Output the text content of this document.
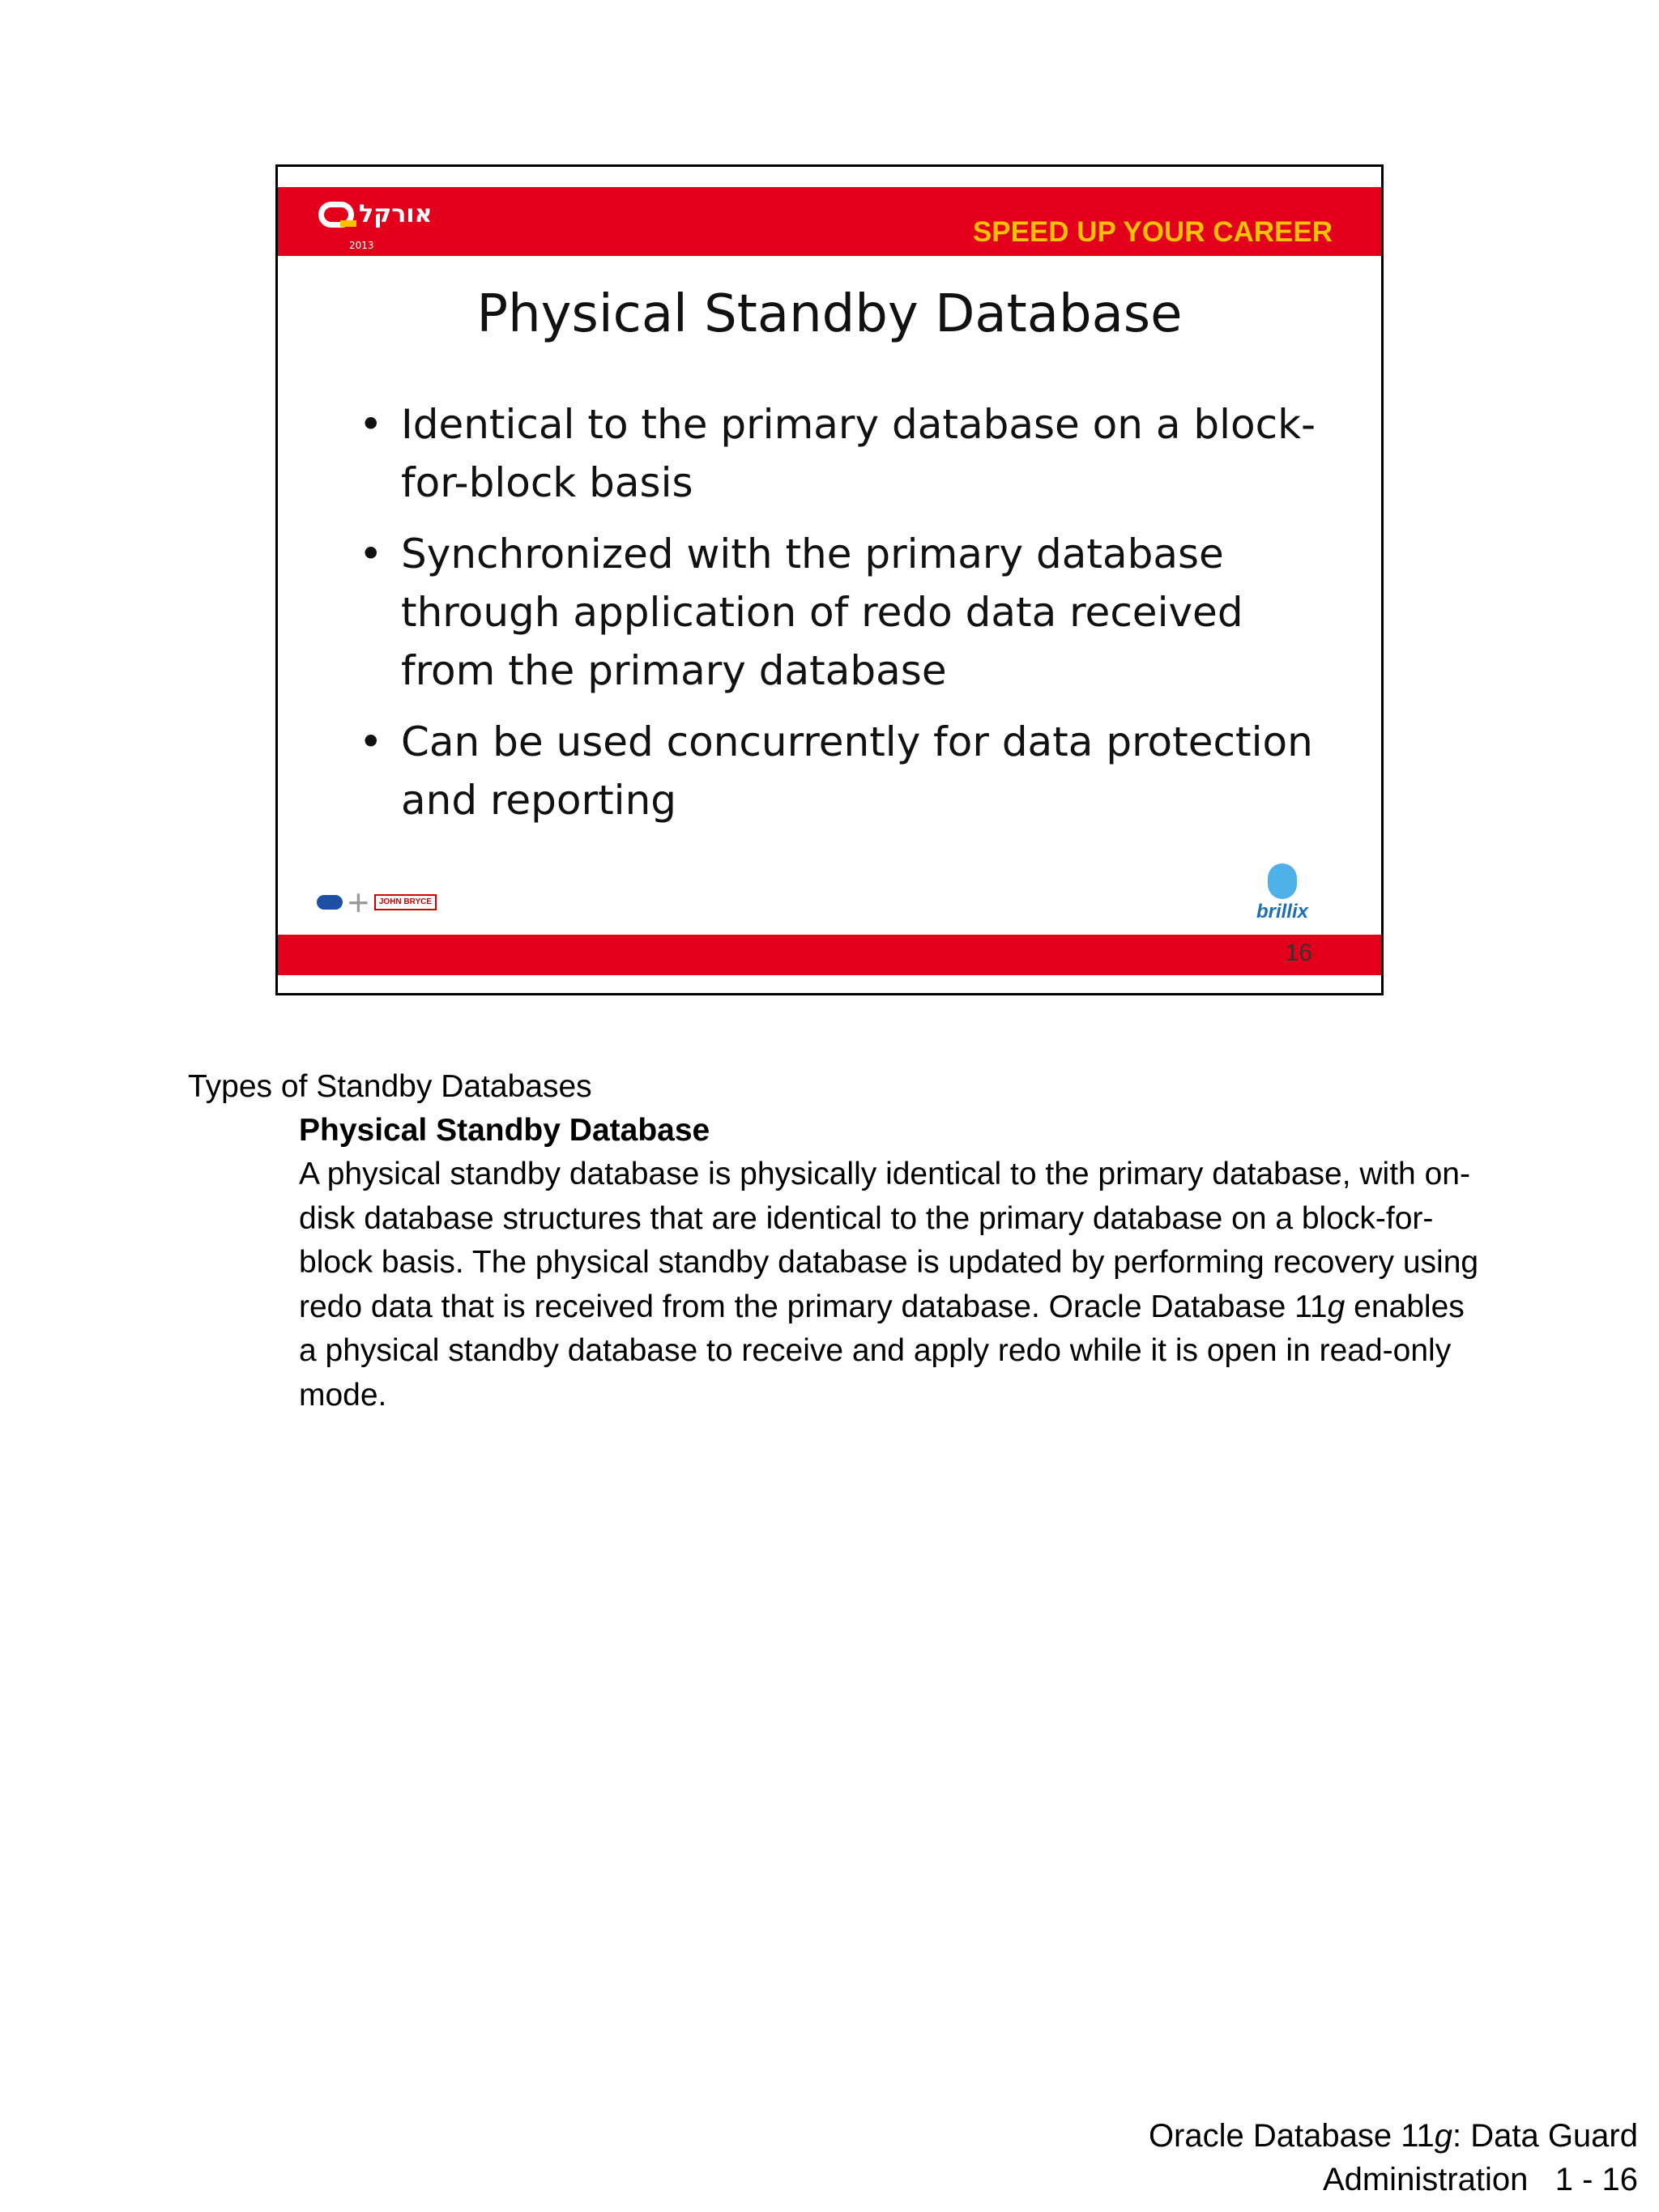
אורקל
2013	SPEED UP YOUR CAREER
Physical Standby Database
• Identical to the primary database on a block-for-block basis
• Synchronized with the primary database through application of redo data received from the primary database
• Can be used concurrently for data protection and reporting
+	JOHN BRYCE	brillix
ORACLE
16

Types of Standby Databases

Physical Standby Database

A physical standby database is physically identical to the primary database, with on-disk database structures that are identical to the primary database on a block-for-block basis. The physical standby database is updated by performing recovery using redo data that is received from the primary database. Oracle Database 11g enables a physical standby database to receive and apply redo while it is open in read-only mode.

Oracle Database 11g: Data Guard
Administration   1 - 16
